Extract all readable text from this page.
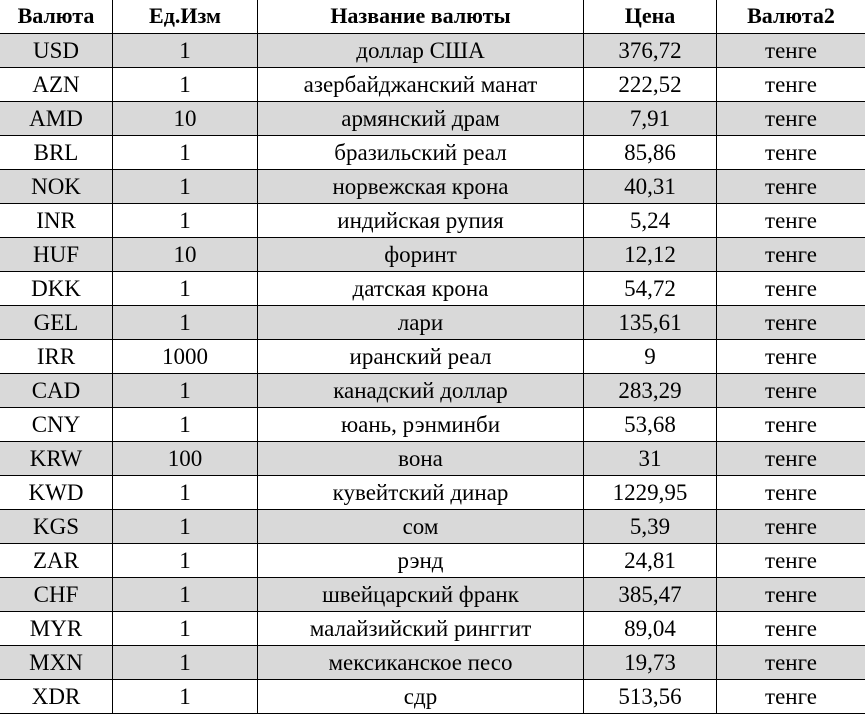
Валюта	Ед.Изм	Название валюты	Цена	Валюта2
USD	1	доллар США	376,72	тенге
AZN	1	азербайджанский манат	222,52	тенге
AMD	10	армянский драм	7,91	тенге
BRL	1	бразильский реал	85,86	тенге
NOK	1	норвежская крона	40,31	тенге
INR	1	индийская рупия	5,24	тенге
HUF	10	форинт	12,12	тенге
DKK	1	датская крона	54,72	тенге
GEL	1	лари	135,61	тенге
IRR	1000	иранский реал	9	тенге
CAD	1	канадский доллар	283,29	тенге
CNY	1	юань, рэнминби	53,68	тенге
KRW	100	вона	31	тенге
KWD	1	кувейтский динар	1229,95	тенге
KGS	1	сом	5,39	тенге
ZAR	1	рэнд	24,81	тенге
CHF	1	швейцарский франк	385,47	тенге
MYR	1	малайзийский ринггит	89,04	тенге
MXN	1	мексиканское песо	19,73	тенге
XDR	1	сдр	513,56	тенге
